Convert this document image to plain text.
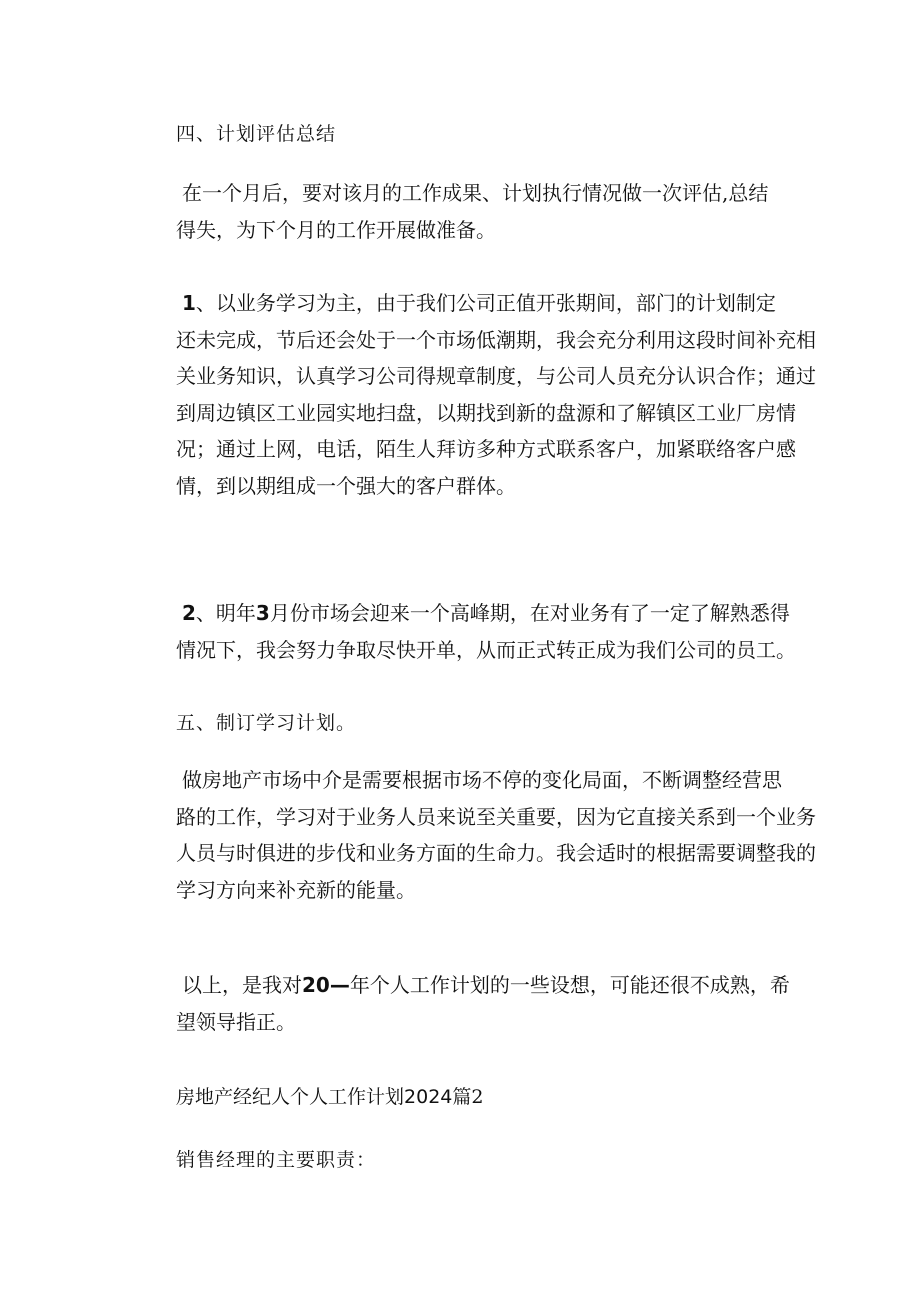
四、计划评估总结

在一个月后，要对该月的工作成果、计划执行情况做一次评估,总结
得失，为下个月的工作开展做准备。
1、以业务学习为主，由于我们公司正值开张期间，部门的计划制定
还未完成，节后还会处于一个市场低潮期，我会充分利用这段时间补充相
关业务知识，认真学习公司得规章制度，与公司人员充分认识合作；通过
到周边镇区工业园实地扫盘，以期找到新的盘源和了解镇区工业厂房情
况；通过上网，电话，陌生人拜访多种方式联系客户，加紧联络客户感
情，到以期组成一个强大的客户群体。
2、明年3月份市场会迎来一个高峰期，在对业务有了一定了解熟悉得
情况下，我会努力争取尽快开单，从而正式转正成为我们公司的员工。

五、制订学习计划。

做房地产市场中介是需要根据市场不停的变化局面，不断调整经营思
路的工作，学习对于业务人员来说至关重要，因为它直接关系到一个业务
人员与时俱进的步伐和业务方面的生命力。我会适时的根据需要调整我的
学习方向来补充新的能量。
以上，是我对20—年个人工作计划的一些设想，可能还很不成熟，希
望领导指正。

房地产经纪人个人工作计划2024篇2

销售经理的主要职责：
